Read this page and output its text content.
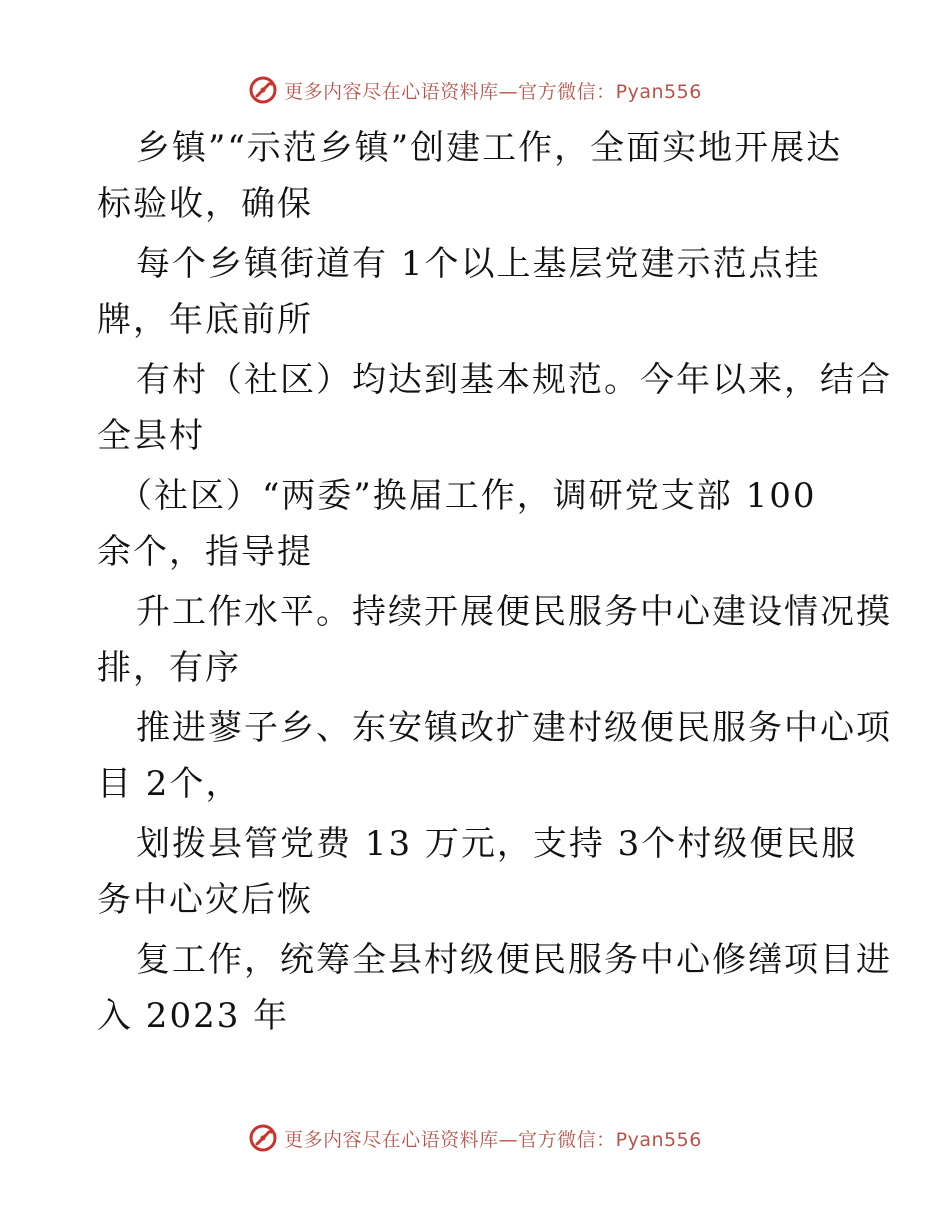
更多内容尽在心语资料库—官方微信：Pyan556
乡镇”“示范乡镇”创建工作，全面实地开展达
标验收，确保
每个乡镇街道有 1个以上基层党建示范点挂
牌，年底前所
有村（社区）均达到基本规范。今年以来，结合
全县村
（社区）“两委”换届工作，调研党支部 100
余个，指导提
升工作水平。持续开展便民服务中心建设情况摸
排，有序
推进蓼子乡、东安镇改扩建村级便民服务中心项
目 2个，
划拨县管党费 13 万元，支持 3个村级便民服
务中心灾后恢
复工作，统筹全县村级便民服务中心修缮项目进
入 2023 年
更多内容尽在心语资料库—官方微信：Pyan556
